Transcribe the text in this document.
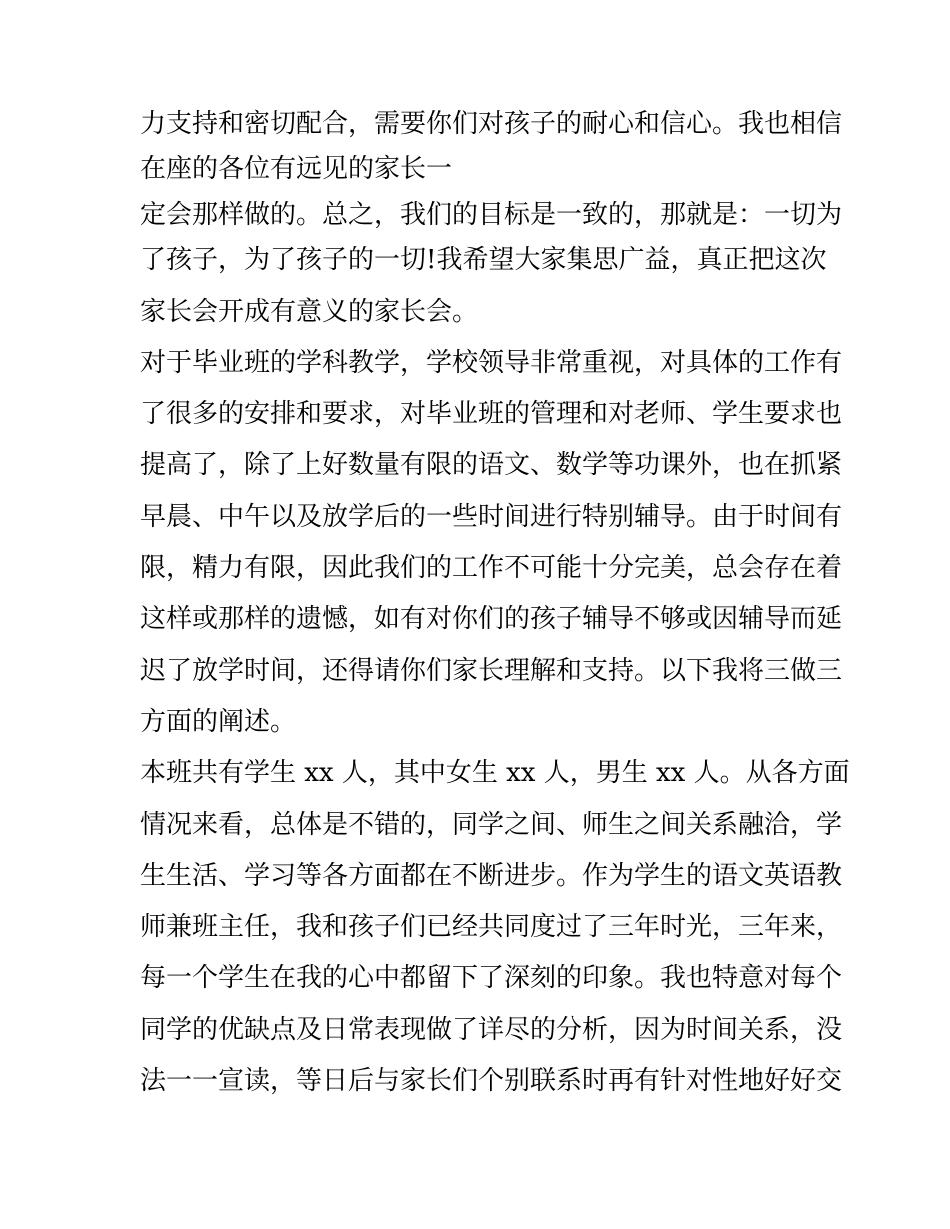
力支持和密切配合，需要你们对孩子的耐心和信心。我也相信
在座的各位有远见的家长一
定会那样做的。总之，我们的目标是一致的，那就是：一切为
了孩子，为了孩子的一切!我希望大家集思广益，真正把这次
家长会开成有意义的家长会。
对于毕业班的学科教学，学校领导非常重视，对具体的工作有
了很多的安排和要求，对毕业班的管理和对老师、学生要求也
提高了，除了上好数量有限的语文、数学等功课外，也在抓紧
早晨、中午以及放学后的一些时间进行特别辅导。由于时间有
限，精力有限，因此我们的工作不可能十分完美，总会存在着
这样或那样的遗憾，如有对你们的孩子辅导不够或因辅导而延
迟了放学时间，还得请你们家长理解和支持。以下我将三做三
方面的阐述。
本班共有学生 xx 人，其中女生 xx 人，男生 xx 人。从各方面
情况来看，总体是不错的，同学之间、师生之间关系融洽，学
生生活、学习等各方面都在不断进步。作为学生的语文英语教
师兼班主任，我和孩子们已经共同度过了三年时光，三年来，
每一个学生在我的心中都留下了深刻的印象。我也特意对每个
同学的优缺点及日常表现做了详尽的分析，因为时间关系，没
法一一宣读，等日后与家长们个别联系时再有针对性地好好交
